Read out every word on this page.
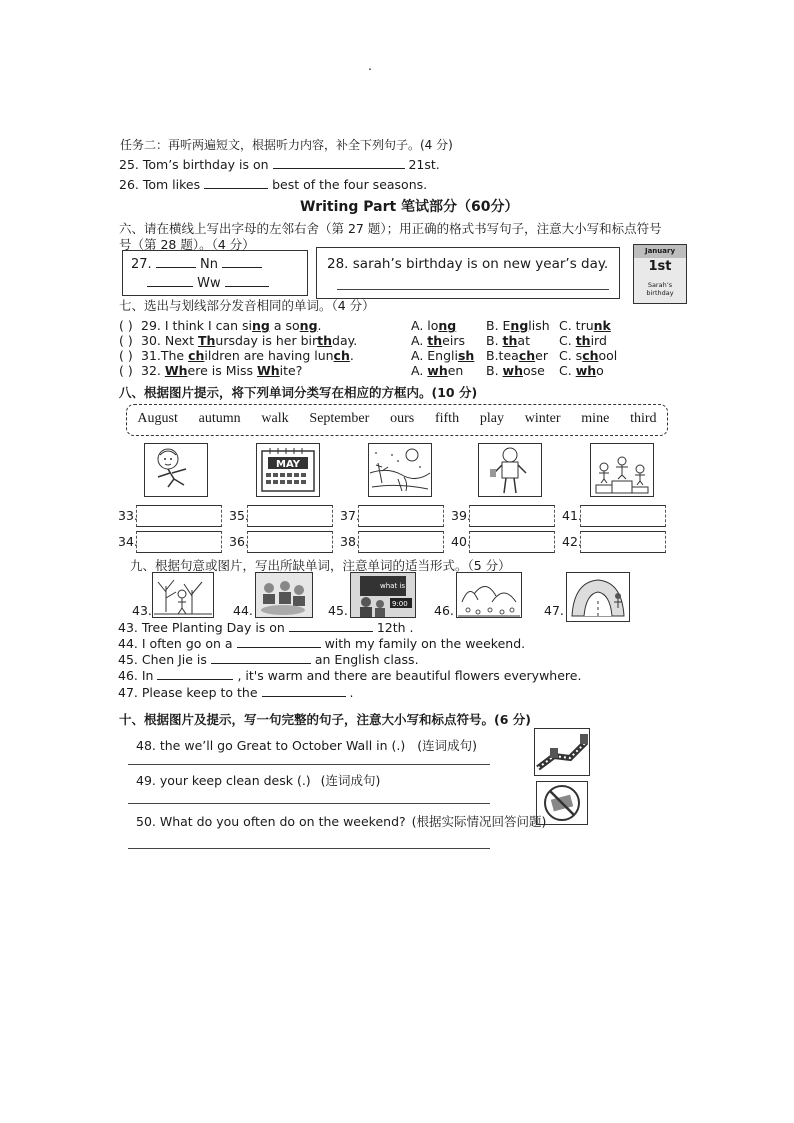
.
任务二：再听两遍短文，根据听力内容，补全下列句子。(4 分)
25. Tom’s birthday is on	21st.
26. Tom likes	best of the four seasons.
Writing Part 笔试部分（60分）
六、请在横线上写出字母的左邻右舍（第 27 题）；用正确的格式书写句子，注意大小写和标点符号
号（第 28 题）。（4 分）
27.	Nn
Ww
28. sarah’s birthday is on new year’s day.
January
1st
Sarah’s birthday
七、选出与划线部分发音相同的单词。（4 分）
( ) 29. I think I can sing a song.	A. long B. English C. trunk
( ) 30. Next Thursday is her birthday.	A. theirs B. that C. third
( ) 31.The children are having lunch.	A. English B.teacher C. school
( ) 32. Where is Miss White?	A. when B. whose C. who
八、根据图片提示，将下列单词分类写在相应的方框内。(10 分)
August autumn walk September ours fifth play winter mine third
MAY
33.	35.	37.	39.	41.
34.	36.	38.	40.	42.
九、根据句意或图片，写出所缺单词，注意单词的适当形式。（5 分）
43.	44.	45.	46.	47.
what is
9:00
43. Tree Planting Day is on	12th .
44. I often go on a	with my family on the weekend.
45. Chen Jie is	an English class.
46. In	, it's warm and there are beautiful flowers everywhere.
47. Please keep to the	.
十、根据图片及提示，写一句完整的句子，注意大小写和标点符号。(6 分)
48. the we’ll go Great to October Wall in (.) (连词成句)
49. your keep clean desk (.) (连词成句)
50. What do you often do on the weekend? (根据实际情况回答问题)
